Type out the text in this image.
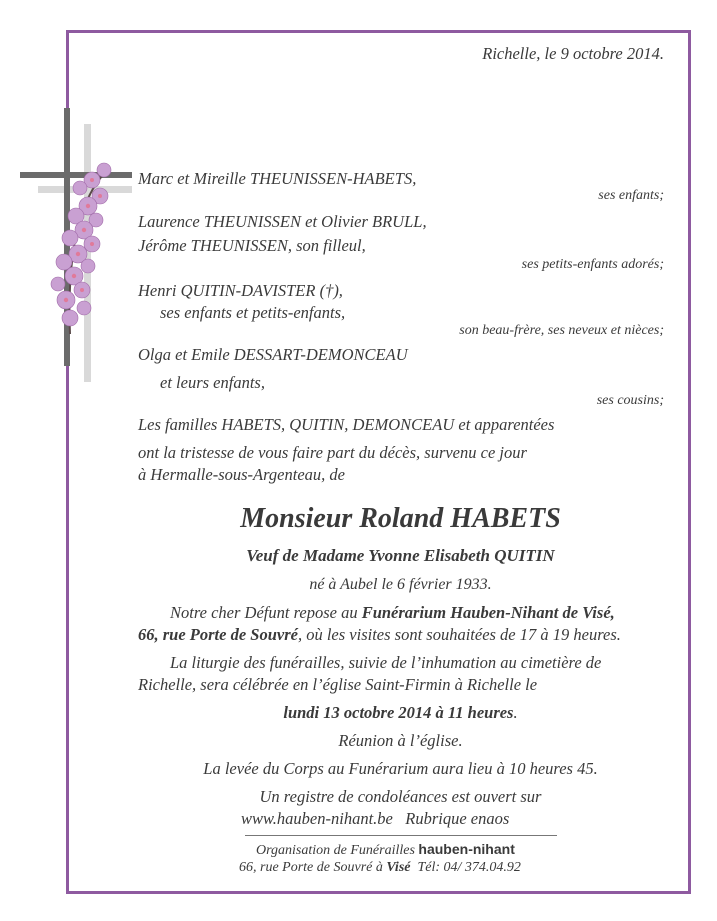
Richelle, le 9 octobre 2014.
Marc et Mireille THEUNISSEN-HABETS,
ses enfants;
Laurence THEUNISSEN et Olivier BRULL,
Jérôme THEUNISSEN, son filleul,
ses petits-enfants adorés;
Henri QUITIN-DAVISTER (†),
ses enfants et petits-enfants,
son beau-frère, ses neveux et nièces;
Olga et Emile DESSART-DEMONCEAU
et leurs enfants,
ses cousins;
Les familles HABETS, QUITIN, DEMONCEAU et apparentées
ont la tristesse de vous faire part du décès, survenu ce jour
à Hermalle-sous-Argenteau, de
Monsieur Roland HABETS
Veuf de Madame Yvonne Elisabeth QUITIN
né à Aubel le 6 février 1933.
Notre cher Défunt repose au Funérarium Hauben-Nihant de Visé,
66, rue Porte de Souvré, où les visites sont souhaitées de 17 à 19 heures.
La liturgie des funérailles, suivie de l’inhumation au cimetière de
Richelle, sera célébrée en l’église Saint-Firmin à Richelle le
lundi 13 octobre 2014 à 11 heures.
Réunion à l’église.
La levée du Corps au Funérarium aura lieu à 10 heures 45.
Un registre de condoléances est ouvert sur
www.hauben-nihant.be Rubrique enaos
Organisation de Funérailles hauben-nihant
66, rue Porte de Souvré à Visé Tél: 04/ 374.04.92
